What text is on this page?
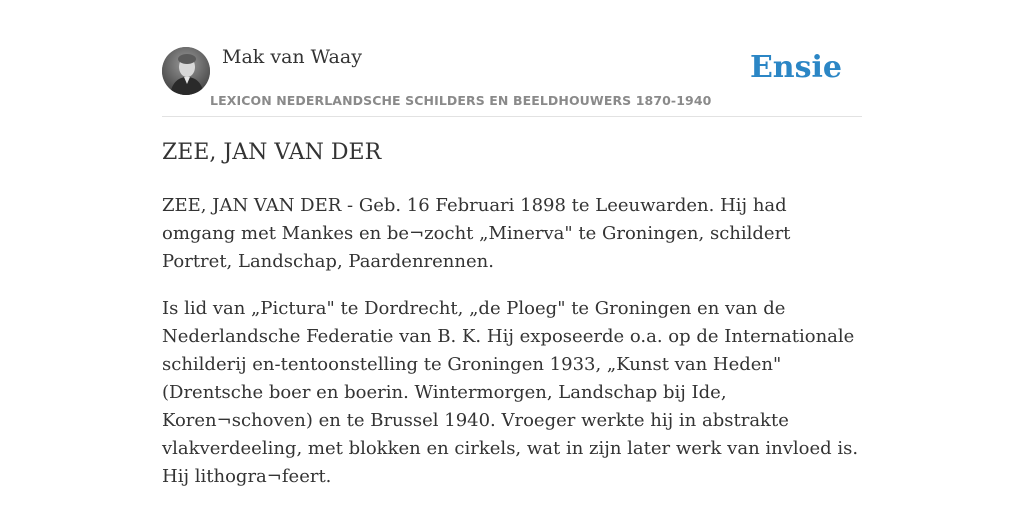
Mak van Waay	Ensie
LEXICON NEDERLANDSCHE SCHILDERS EN BEELDHOUWERS 1870-1940
ZEE, JAN VAN DER

ZEE, JAN VAN DER - Geb. 16 Februari 1898 te Leeuwarden. Hij had omgang met Mankes en be¬zocht „Minerva" te Groningen, schildert Portret, Landschap, Paardenrennen.

Is lid van „Pictura" te Dordrecht, „de Ploeg" te Groningen en van de Nederlandsche Federatie van B. K. Hij exposeerde o.a. op de Internationale schilderij en-tentoonstelling te Groningen 1933, „Kunst van Heden" (Drentsche boer en boerin. Wintermorgen, Landschap bij Ide, Koren¬schoven) en te Brussel 1940. Vroeger werkte hij in abstrakte vlakverdeeling, met blokken en cirkels, wat in zijn later werk van invloed is. Hij lithogra¬feert.
